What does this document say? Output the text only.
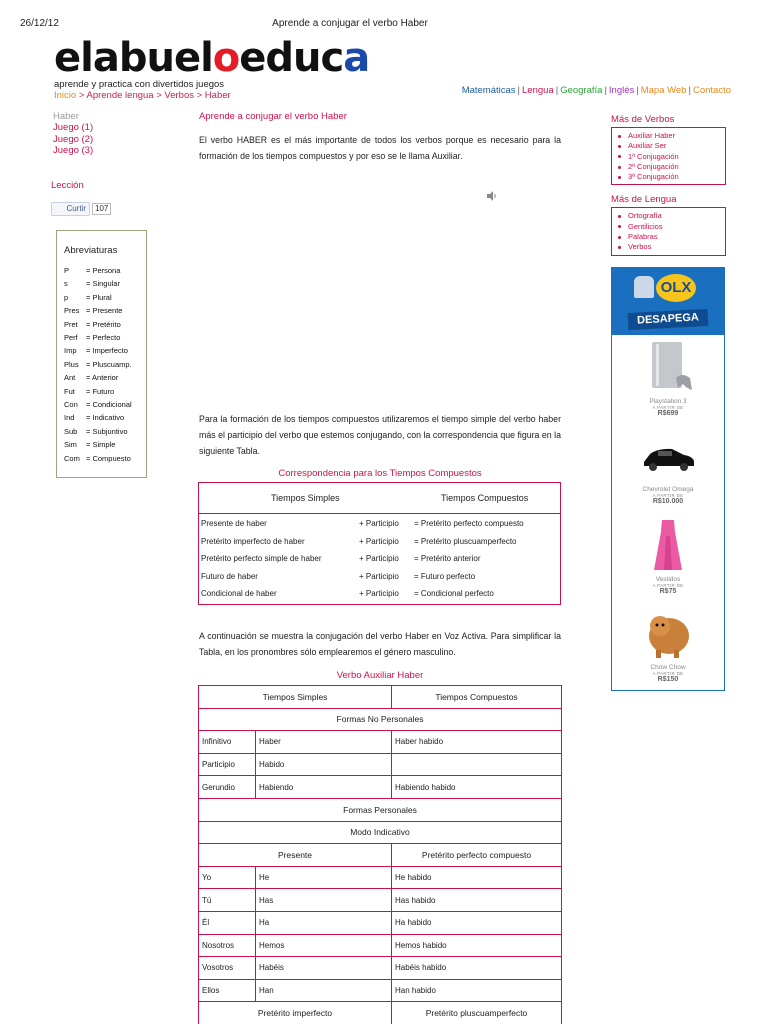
26/12/12	Aprende a conjugar el verbo Haber
elabueloeduca
aprende y practica con divertidos juegos
Inicio > Aprende lengua > Verbos > Haber	Matemáticas | Lengua | Geografía | Inglés | Mapa Web | Contacto
Haber
Juego (1)
Juego (2)
Juego (3)
Lección
Curtir	107
Abreviaturas
P	= Persona
s	= Singular
p	= Plural
Pres = Presente
Pret	= Pretérito
Perf	= Perfecto
Imp	= Imperfecto
Plus = Pluscuamp.
Ant	= Anterior
Fut	= Futuro
Con	= Condicional
Ind	= Indicativo
Sub	= Subjuntivo
Sim	= Simple
Com = Compuesto
Aprende a conjugar el verbo Haber

El verbo HABER es el más importante de todos los verbos porque es necesario para la formación de los tiempos compuestos y por eso se le llama Auxiliar.

Para la formación de los tiempos compuestos utilizaremos el tiempo simple del verbo haber más el participio del verbo que estemos conjugando, con la correspondencia que figura en la siguiente Tabla.

Correspondencia para los Tiempos Compuestos
Tiempos Simples	Tiempos Compuestos
Presente de haber	+ Participio = Pretérito perfecto compuesto
Pretérito imperfecto de haber	+ Participio = Pretérito pluscuamperfecto
Pretérito perfecto simple de haber	+ Participio = Pretérito anterior
Futuro de haber	+ Participio = Futuro perfecto
Condicional de haber	+ Participio = Condicional perfecto

A continuación se muestra la conjugación del verbo Haber en Voz Activa. Para simplificar la Tabla, en los pronombres sólo emplearemos el género masculino.

Verbo Auxiliar Haber
Tiempos Simples		Tiempos Compuestos
Formas No Personales		
Infinitivo	Haber	Haber habido
Participio	Habido	
Gerundio	Habiendo	Habiendo habido
Formas Personales		
Modo Indicativo		
Presente		Pretérito perfecto compuesto
Yo	He	He habido
Tú	Has	Has habido
Él	Ha	Ha habido
Nosotros	Hemos	Hemos habido
Vosotros	Habéis	Habéis habido
Ellos	Han	Han habido
Pretérito imperfecto		Pretérito pluscuamperfecto
Más de Verbos
Auxiliar Haber
Auxiliar Ser
1ª Conjugación
2ª Conjugación
3ª Conjugación
Más de Lengua
Ortografía
Gentilicios
Palabras
Verbos
OLX
DESAPEGA
Playstation 3
A PARTIR DE
R$699
Chevrolet Omega
A PARTIR DE
R$10.000
Vestidos
A PARTIR DE
R$75
Chow Chow
A PARTIR DE
R$150
